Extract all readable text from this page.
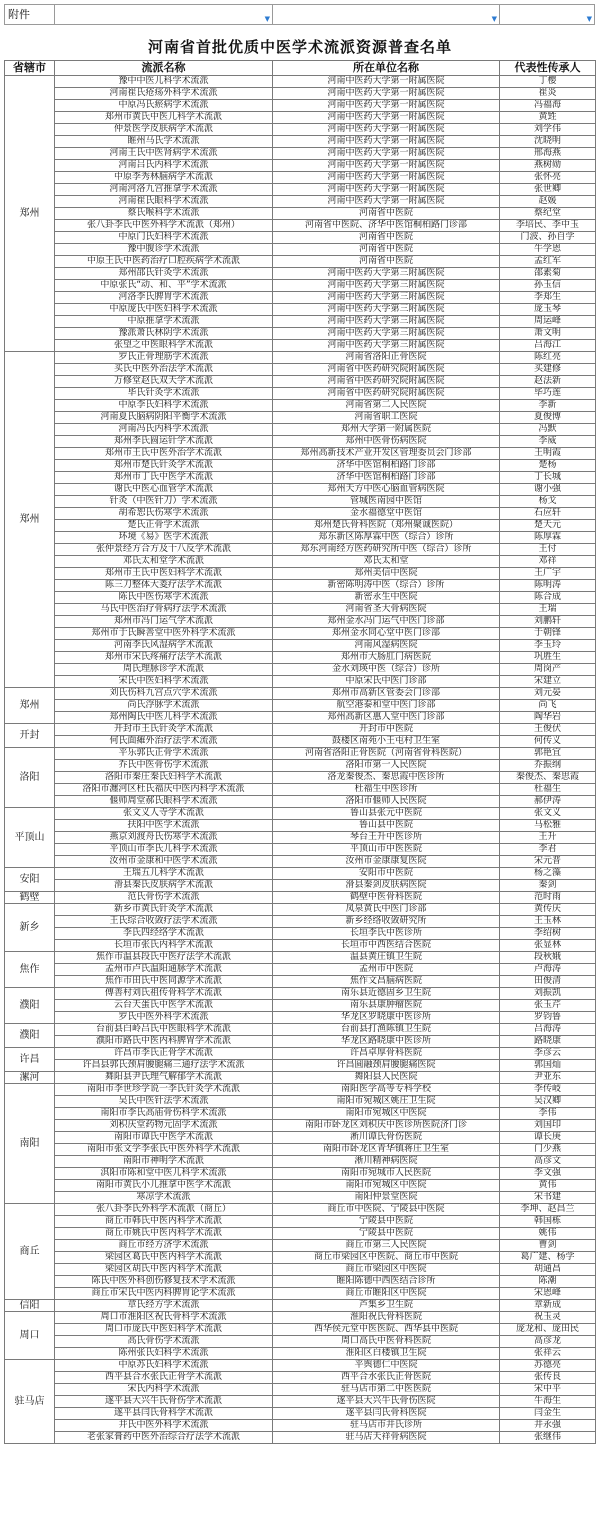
附件	▼	▼	▼
河南省首批优质中医学术流派资源普查名单
省辖市	流派名称	所在单位名称	代表性传承人
郑州	豫中中医儿科学术流派	河南中医药大学第一附属医院	丁樱
	河南崔氏疮疡外科学术流派	河南中医药大学第一附属医院	崔炎
	中原冯氏瘀病学术流派	河南中医药大学第一附属医院	冯福海
	郑州市黄氏中医儿科学术流派	河南中医药大学第一附属医院	黄甡
	仲景医学皮肤病学术流派	河南中医药大学第一附属医院	刘学伟
	睢州马氏学术流派	河南中医药大学第一附属医院	沈晓明
	河南王氏中医肾病学术流派	河南中医药大学第一附属医院	邢海燕
	河南吕氏内科学术流派	河南中医药大学第一附属医院	燕树勋
	中原李秀林脑病学术流派	河南中医药大学第一附属医院	张怀亮
	河南河洛九宫推拿学术流派	河南中医药大学第一附属医院	张世卿
	河南崔氏眼科学术流派	河南中医药大学第一附属医院	赵媛
	蔡氏喉科学术流派	河南省中医院	蔡纪堂
	张八卦李氏中医外科学术流派（郑州）	河南省中医院、济华中医馆桐柏路门诊部	李培民、李中玉
	中原门氏妇科学术流派	河南省中医院	门波、孙自学
	豫中腹诊学术流派	河南省中医院	牛学恩
	中原王氏中医药治疗口腔疾病学术流派	河南省中医院	孟红军
	郑州邵氏针灸学术流派	河南中医药大学第三附属医院	邵素菊
	中原张氏“动、和、平”学术流派	河南中医药大学第三附属医院	孙玉信
	河洛李氏脾胃学术流派	河南中医药大学第三附属医院	李郑生
	中原庞氏中医妇科学术流派	河南中医药大学第三附属医院	庞玉琴
	中原推拿学术流派	河南中医药大学第三附属医院	周运峰
	豫派萧氏林阴学术流派	河南中医药大学第三附属医院	萧文明
	张望之中医眼科学术流派	河南中医药大学第三附属医院	吕海江
郑州	罗氏正骨理筋学术流派	河南省洛阳正骨医院	陈红亮
	买氏中医外治法学术流派	河南省中医药研究院附属医院	买建修
	万修堂赵氏双天学术流派	河南省中医药研究院附属医院	赵法新
	毕氏针灸学术流派	河南省中医药研究院附属医院	毕巧莲
	中原李氏妇科学术流派	河南省第二人民医院	李新
	河南夏氏脑病阴阳平衡学术流派	河南省职工医院	夏俊博
	河南冯氏内科学术流派	郑州大学第一附属医院	冯默
	郑州李氏圆运针学术流派	郑州中医骨伤病医院	李威
	郑州市王氏中医外治学术流派	郑州高新技术产业开发区管理委员会门诊部	王明霞
	郑州市楚氏针灸学术流派	济华中医馆桐柏路门诊部	楚杨
	郑州市丁氏中医学术流派	济华中医馆桐柏路门诊部	丁长城
	谢氏中医心血管学术流派	郑州天方中医心脑血管病医院	谢小强
	针灸（中医针刀）学术流派	管城医南园中医馆	杨戈
	胡希恕氏伤寒学术流派	金水福德堂中医馆	石应轩
	楚氏正骨学术流派	郑州楚氏骨科医院（郑州聚诚医院）	楚天元
	环境《易》医学术流派	郑东新区陈厚霖中医（综合）诊所	陈厚霖
	张仲景经方合方及十八反学术流派	郑东河南经方医药研究所中医（综合）诊所	王付
	邓氏太和堂学术流派	邓氏太和堂	邓祥
	郑州市王氏中医妇科学术流派	郑州美信中医院	王广宇
	陈三刀整体大菱疗法学术流派	新密陈明涛中医（综合）诊所	陈明涛
	陈氏中医伤寒学术流派	新密永生中医院	陈合成
	马氏中医治疗骨病疗法学术流派	河南省圣大骨病医院	王瑞
	郑州市冯门运气学术流派	郑州金水冯门运气中医门诊部	刘鹏轩
	郑州市于氏瞬善堂中医外科学术流派	郑州金水同心堂中医门诊部	于朝锋
	河南李氏风湿病学术流派	河南风湿病医院	李玉玲
	郑州市宋氏疼痛疗法学术流派	郑州市大肠肛门病医院	巩胜生
	周氏理脉诊学术流派	金水刘瑛中医（综合）诊所	周岗产
	宋氏中医妇科学术流派	中原宋氏中医门诊部	宋建立
郑州	刘氏伤科九宫点穴学术流派	郑州市高新区管委会门诊部	刘元晏
	尚氏浮脉学术流派	航空港泰和堂中医门诊部	尚飞
	郑州陶氏中医儿科学术流派	郑州高新区惠人堂中医门诊部	陶华岩
开封	开封市王氏针灸学术流派	开封市中医院	王俊伏
	何氏面瘫外治疗法学术流派	鼓楼区南苑小王屯村卫生室	何传义
洛阳	平乐郭氏正骨学术流派	河南省洛阳正骨医院（河南省骨科医院）	郭艳宜
	乔氏中医骨伤学术流派	洛阳市第一人民医院	乔振纲
	洛阳市秦庄秦氏妇科学术流派	洛龙秦俊杰、秦思霞中医诊所	秦俊杰、秦思霞
	洛阳市瀍河区杜氏福庆中医内科学术流派	杜福生中医诊所	杜福生
	偃师周堂郝氏眼科学术流派	洛阳市偃师人民医院	郝伊涛
平顶山	张文义人寺学术流派	鲁山县张元中医院	张文义
	扶阳中医学术流派	鲁山县中医院	马松雅
	燕京刘渡舟氏伤寒学术流派	琴台王升中医诊所	王升
	平顶山市李氏儿科学术流派	平顶山市中医医院	李君
	汝州市金康和中医学术流派	汝州市金康康复医院	宋元普
安阳	王瑞五儿科学术流派	安阳市中医院	杨之藻
	滑县秦氏皮肤病学术流派	滑县秦剑皮肤病医院	秦剑
鹤壁	范氏骨伤学术流派	鹤壁中医骨科医院	范时雨
新乡	新乡市黄氏针灸学术流派	凤泉黄氏中医门诊部	黄传庆
	王氏综合收敛疗法学术流派	新乡经络收敛研究所	王玉林
	李氏四经络学术流派	长垣李氏中医诊所	李绍树
	长垣市张氏内科学术流派	长垣市中西医结合医院	张显林
焦作	焦作市温县段氏中医疗法学术流派	温县黄庄镇卫生院	段秋娥
	孟州市卢氏温阳通脉学术流派	孟州市中医院	卢海涛
	焦作市田氏中医同源学术流派	焦作文昌脑病医院	田俊清
濮阳	傅善村刘氏祖传骨科学术流派	南乐县近德固乡卫生院	刘振凯
	云台天蛋氏中医学术流派	南乐县康肿瘤医院	张玉芹
	罗氏中医外科学术流派	华龙区罗晓康中医诊所	罗钧鲁
濮阳	台前县白岭吕氏中医眼科学术流派	台前县打渔陈镇卫生院	吕海涛
	濮阳市路氏中医内科脾胃学术流派	华龙区路晓康中医诊所	路晓康
许昌	许昌市李氏正骨学术流派	许昌卓厚骨科医院	李彦云
	许昌县郭氏颈肩腰腿痛三通疗法学术流派	许昌圆融颈肩腰腿痛医院	郭国灿
漯河	舞阳县尹氏理气解郁学术流派	舞阳县人民医院	尹亚东
南阳	南阳市李世珍学说一李氏针灸学术流派	南阳医学高等专科学校	李传岐
	吴氏中医针法学术流派	南阳市宛城区姚庄卫生院	吴汉卿
	南阳市李氏高庙骨伤科学术流派	南阳市宛城区中医院	李伟
	刘积庆堂药物元固学术流派	南阳市卧龙区刘积庆中医诊所医院济门诊	刘国印
	南阳市谭氏中医学术流派	淅川谭氏骨伤医院	谭长庚
	南阳市张文学李张氏中医外科学术流派	南阳市卧龙区青华镇蒋庄卫生室	门少燕
	南阳市神明学术流派	淅川精神病医院	高彦文
	淇阳市陈和堂中医儿科学术流派	南阳市宛城市人民医院	李文强
	南阳市黄氏小儿推拿中医学术流派	南阳市宛城区中医院	黄伟
	寒凉学术流派	南阳仲景堂医院	宋书建
商丘	张八卦李氏外科学术流派（商丘）	商丘市中医院、宁陵县中医院	李坤、赵昌兰
	商丘市韩氏中医内科学术流派	宁陵县中医院	韩国栋
	商丘市姚氏中医内科学术流派	宁陵县中医院	姚伟
	商丘市经方济学术流派	商丘市第三人民医院	曹剑
	梁园区葛氏中医内科学术流派	商丘市梁园区中医院、商丘市中医院	葛广建、杨学
	梁园区胡氏中医内科学术流派	商丘市梁园区中医院	胡通昌
	陈氏中医外科创伤修复技术学术流派	睢阳陈德中西医结合诊所	陈潮
	商丘市宋氏中医内科脾胃论学术流派	商丘市睢阳区中医院	宋恩峰
信阳	章氏经方学术流派	芦集乡卫生院	章新成
周口	周口市淮阳区祝氏骨科学术流派	淮阳祝氏骨科医院	祝玉灵
	周口市庞氏中医妇科学术流派	西华侯元堂中医医院、西华县中医院	庞龙和、庞田民
	高氏骨伤学术流派	周口高氏中医骨科医院	高彦龙
	陈州张氏妇科学术流派	淮阳区白楼镇卫生院	张祥云
驻马店	中原苏氏妇科学术流派	平舆德仁中医院	苏德亮
	西平县合水张氏正骨学术流派	西平合水张氏正骨医院	张传良
	宋氏内科学术流派	驻马店市第二中医医院	宋中平
	遂平县大兴牛氏骨伤学术流派	遂平县大兴牛氏骨伤医院	牛海生
	遂平县闫氏骨科学术流派	遂平县闫氏骨科医院	闫金生
	井氏中医外科学术流派	驻马店市井氏诊所	井永强
	老张家膏药中医外治综合疗法学术流派	驻马店天祥骨病医院	张继伟
